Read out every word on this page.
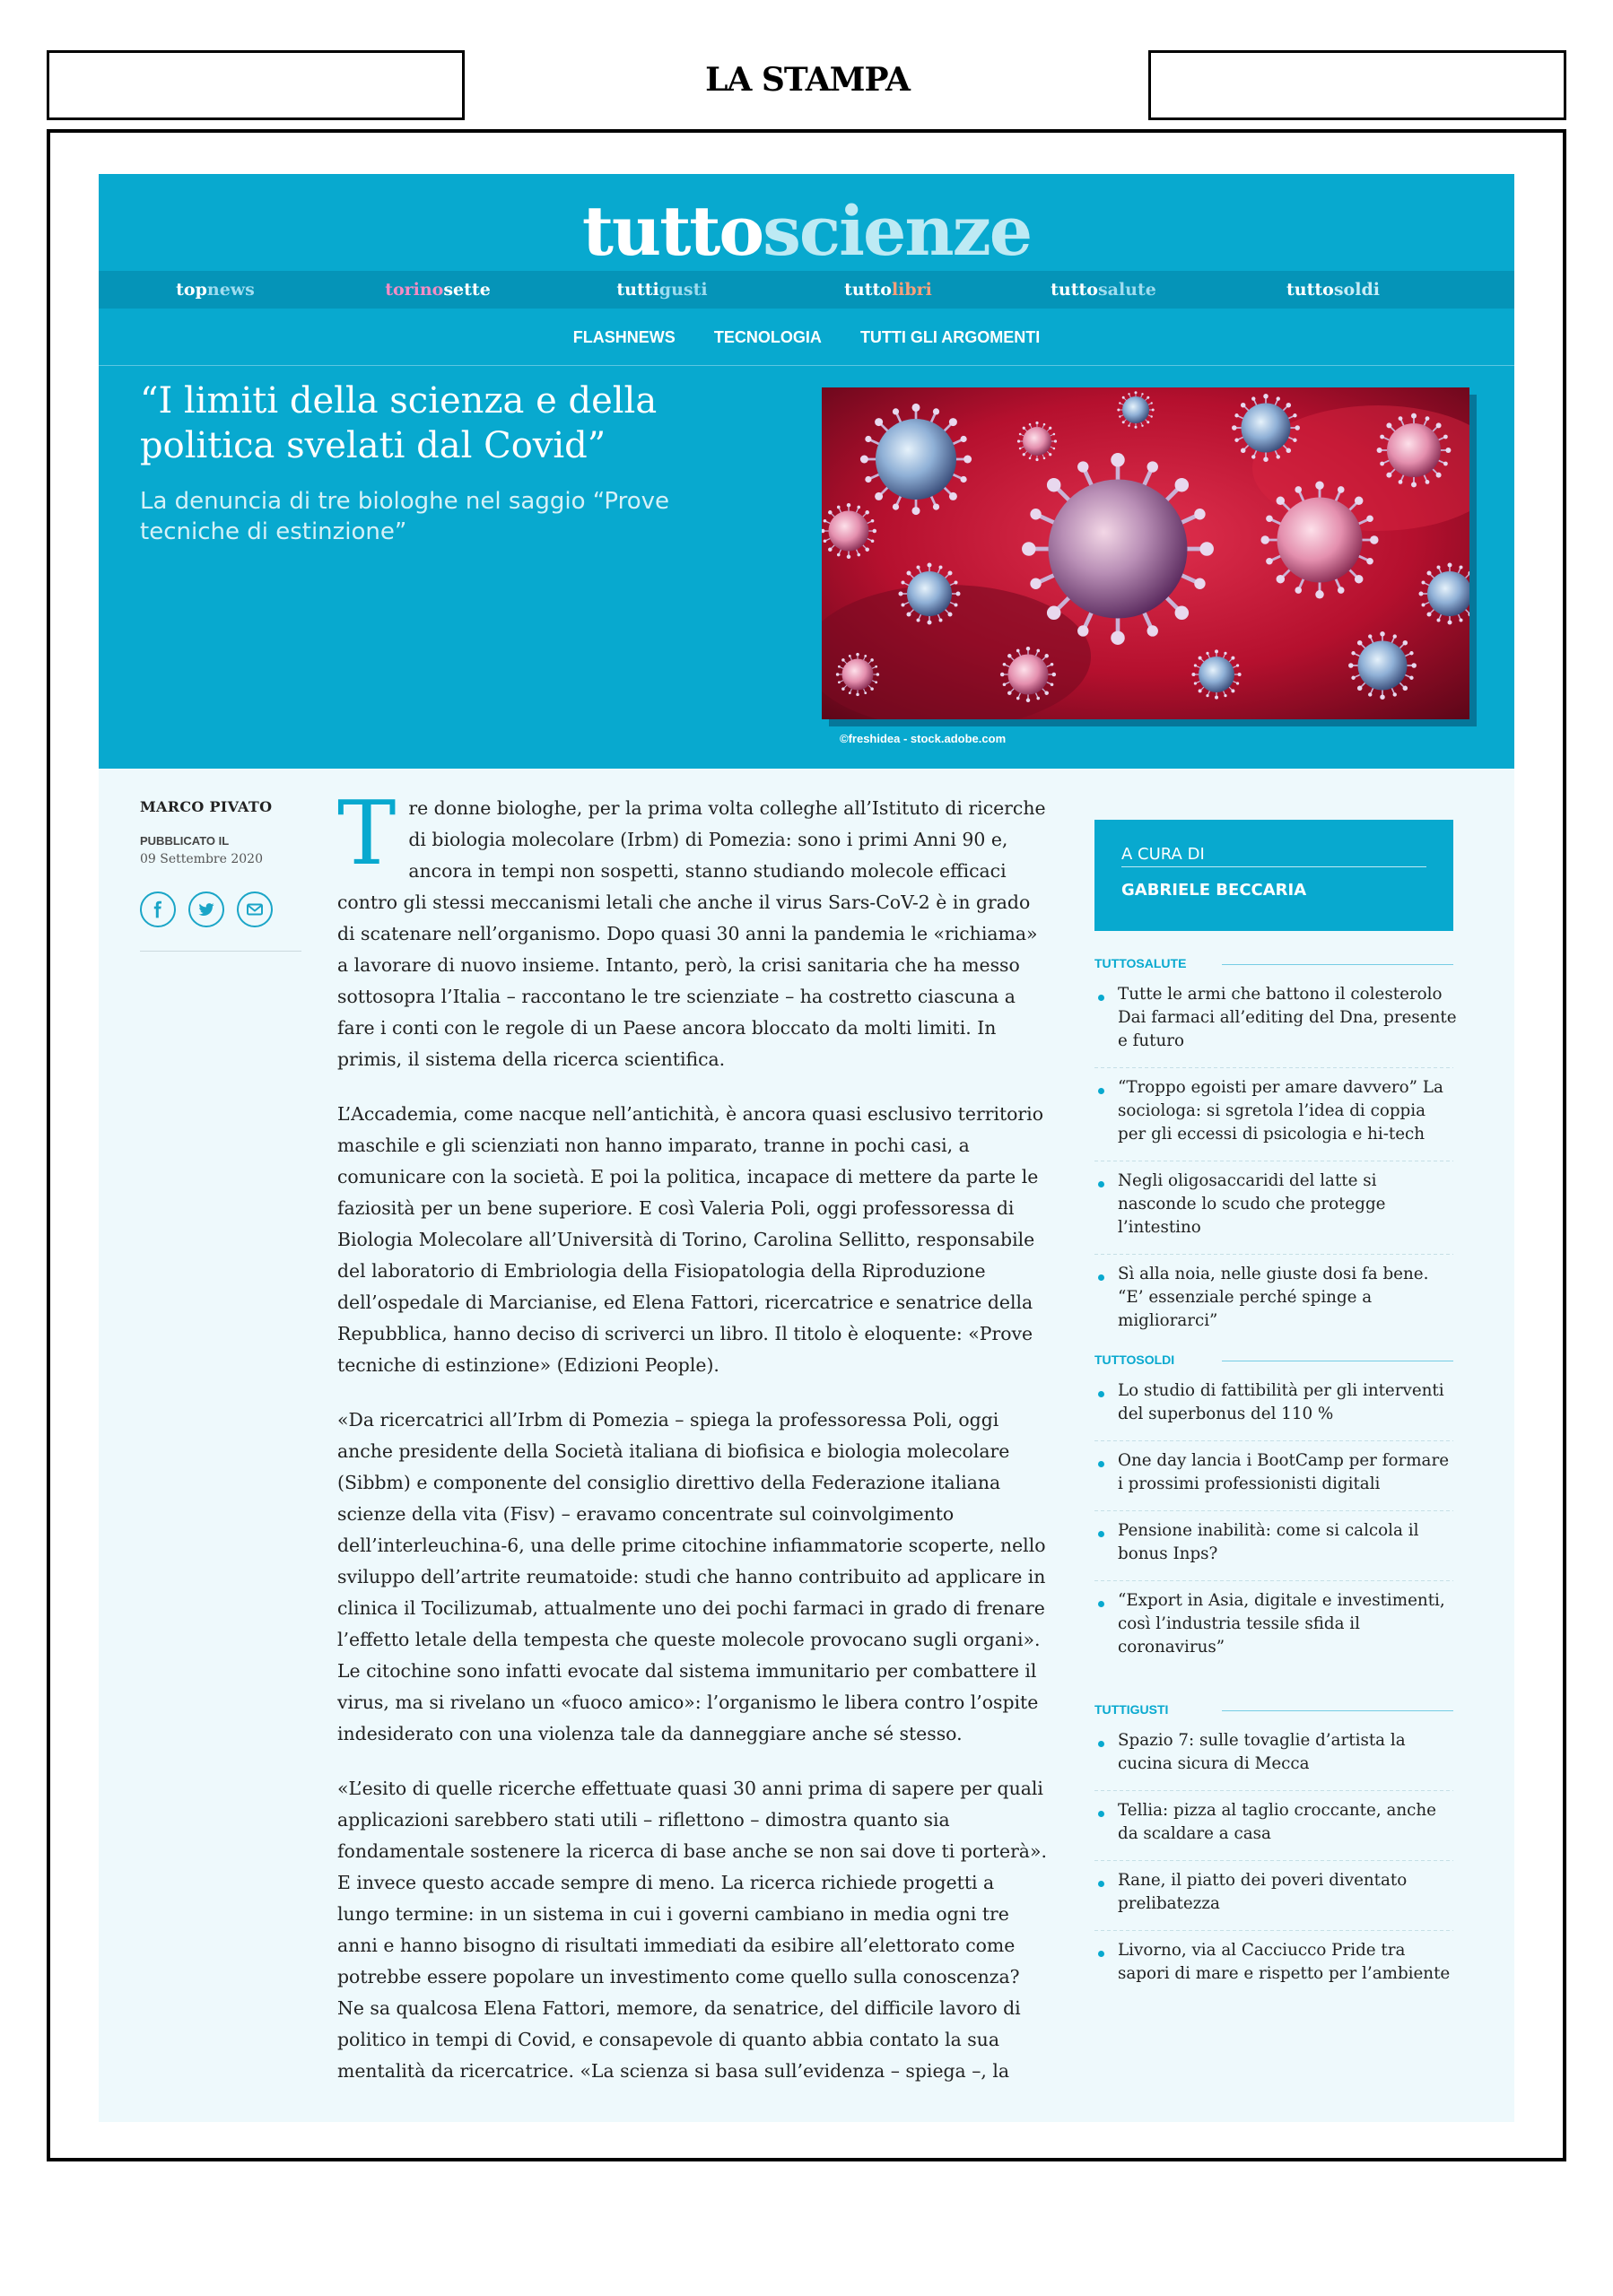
LA STAMPA
tuttoscienze
topnews	torinosette	tuttigusti	tuttolibri	tuttosalute	tuttosoldi
FLASHNEWS TECNOLOGIA TUTTI GLI ARGOMENTI
“I limiti della scienza e della politica svelati dal Covid”
La denuncia di tre biologhe nel saggio “Prove tecniche di estinzione”
©freshidea - stock.adobe.com
MARCO PIVATO
PUBBLICATO IL
09 Settembre 2020 Tre donne biologhe, per la prima volta colleghe all’Istituto di ricerche di biologia molecolare (Irbm) di Pomezia: sono i primi Anni 90 e, ancora in tempi non sospetti, stanno studiando molecole efficaci contro gli stessi meccanismi letali che anche il virus Sars-CoV-2 è in grado di scatenare nell’organismo. Dopo quasi 30 anni la pandemia le «richiama» a lavorare di nuovo insieme. Intanto, però, la crisi sanitaria che ha messo sottosopra l’Italia – raccontano le tre scienziate – ha costretto ciascuna a fare i conti con le regole di un Paese ancora bloccato da molti limiti. In primis, il sistema della ricerca scientifica.

L’Accademia, come nacque nell’antichità, è ancora quasi esclusivo territorio maschile e gli scienziati non hanno imparato, tranne in pochi casi, a comunicare con la società. E poi la politica, incapace di mettere da parte le faziosità per un bene superiore. E così Valeria Poli, oggi professoressa di Biologia Molecolare all’Università di Torino, Carolina Sellitto, responsabile del laboratorio di Embriologia della Fisiopatologia della Riproduzione dell’ospedale di Marcianise, ed Elena Fattori, ricercatrice e senatrice della Repubblica, hanno deciso di scriverci un libro. Il titolo è eloquente: «Prove tecniche di estinzione» (Edizioni People).

«Da ricercatrici all’Irbm di Pomezia – spiega la professoressa Poli, oggi anche presidente della Società italiana di biofisica e biologia molecolare (Sibbm) e componente del consiglio direttivo della Federazione italiana scienze della vita (Fisv) – eravamo concentrate sul coinvolgimento dell’interleuchina-6, una delle prime citochine infiammatorie scoperte, nello sviluppo dell’artrite reumatoide: studi che hanno contribuito ad applicare in clinica il Tocilizumab, attualmente uno dei pochi farmaci in grado di frenare l’effetto letale della tempesta che queste molecole provocano sugli organi». Le citochine sono infatti evocate dal sistema immunitario per combattere il virus, ma si rivelano un «fuoco amico»: l’organismo le libera contro l’ospite indesiderato con una violenza tale da danneggiare anche sé stesso.

«L’esito di quelle ricerche effettuate quasi 30 anni prima di sapere per quali applicazioni sarebbero stati utili – riflettono – dimostra quanto sia fondamentale sostenere la ricerca di base anche se non sai dove ti porterà». E invece questo accade sempre di meno. La ricerca richiede progetti a lungo termine: in un sistema in cui i governi cambiano in media ogni tre anni e hanno bisogno di risultati immediati da esibire all’elettorato come potrebbe essere popolare un investimento come quello sulla conoscenza? Ne sa qualcosa Elena Fattori, memore, da senatrice, del difficile lavoro di politico in tempi di Covid, e consapevole di quanto abbia contato la sua mentalità da ricercatrice. «La scienza si basa sull’evidenza – spiega –, la

A CURA DI
GABRIELE BECCARIA
TUTTOSALUTE
Tutte le armi che battono il colesterolo Dai farmaci all’editing del Dna, presente e futuro
“Troppo egoisti per amare davvero” La sociologa: si sgretola l’idea di coppia per gli eccessi di psicologia e hi-tech
Negli oligosaccaridi del latte si nasconde lo scudo che protegge l’intestino
Sì alla noia, nelle giuste dosi fa bene. “E’ essenziale perché spinge a migliorarci”
TUTTOSOLDI
Lo studio di fattibilità per gli interventi del superbonus del 110 %
One day lancia i BootCamp per formare i prossimi professionisti digitali
Pensione inabilità: come si calcola il bonus Inps?
“Export in Asia, digitale e investimenti, così l’industria tessile sfida il coronavirus”
TUTTIGUSTI
Spazio 7: sulle tovaglie d’artista la cucina sicura di Mecca
Tellia: pizza al taglio croccante, anche da scaldare a casa
Rane, il piatto dei poveri diventato prelibatezza
Livorno, via al Cacciucco Pride tra sapori di mare e rispetto per l’ambiente
